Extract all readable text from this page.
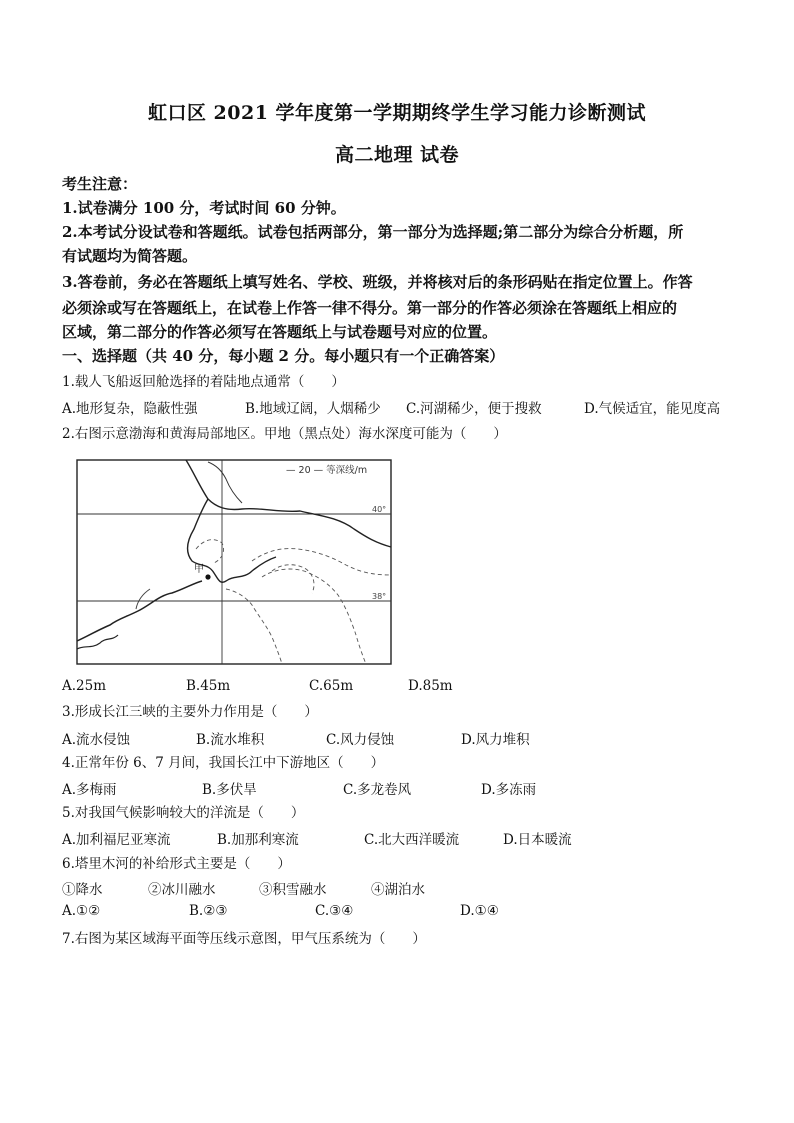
虹口区 2021 学年度第一学期期终学生学习能力诊断测试
高二地理 试卷
考生注意：
1.试卷满分 100 分，考试时间 60 分钟。
2.本考试分设试卷和答题纸。试卷包括两部分，第一部分为选择题;第二部分为综合分析题，所
有试题均为简答题。
3.答卷前，务必在答题纸上填写姓名、学校、班级，并将核对后的条形码贴在指定位置上。作答
必须涂或写在答题纸上，在试卷上作答一律不得分。第一部分的作答必须涂在答题纸上相应的
区域，第二部分的作答必须写在答题纸上与试卷题号对应的位置。
一、选择题（共 40 分，每小题 2 分。每小题只有一个正确答案）
1.载人飞船返回舱选择的着陆地点通常（　　）
A.地形复杂，隐蔽性强	B.地域辽阔，人烟稀少 C.河湖稀少，便于搜救	D.气候适宜，能见度高
2.右图示意渤海和黄海局部地区。甲地（黑点处）海水深度可能为（　　）
甲
— 20 — 等深线/m
40°
38°
A.25m	B.45m	C.65m	D.85m
3.形成长江三峡的主要外力作用是（　　）
A.流水侵蚀	B.流水堆积	C.风力侵蚀	D.风力堆积
4.正常年份 6、7 月间，我国长江中下游地区（　　）
A.多梅雨	B.多伏旱	C.多龙卷风	D.多冻雨
5.对我国气候影响较大的洋流是（　　）
A.加利福尼亚寒流	B.加那利寒流	C.北大西洋暖流	D.日本暖流
6.塔里木河的补给形式主要是（　　）
①降水	②冰川融水	③积雪融水	④湖泊水
A.①②	B.②③	C.③④	D.①④
7.右图为某区域海平面等压线示意图，甲气压系统为（　　）
